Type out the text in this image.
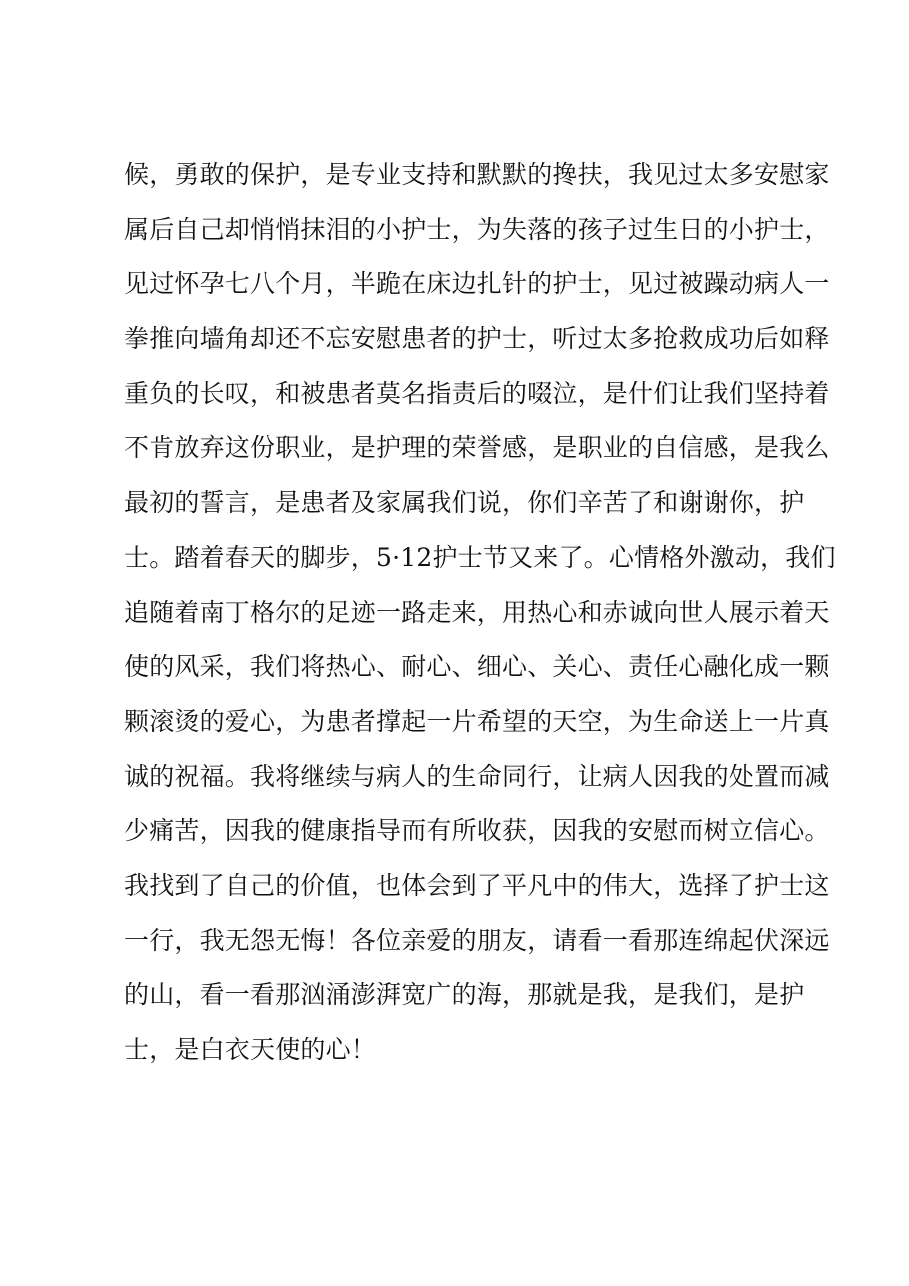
候，勇敢的保护，是专业支持和默默的搀扶，我见过太多安慰家

属后自己却悄悄抹泪的小护士，为失落的孩子过生日的小护士，

见过怀孕七八个月，半跪在床边扎针的护士，见过被躁动病人一

拳推向墙角却还不忘安慰患者的护士，听过太多抢救成功后如释

重负的长叹，和被患者莫名指责后的啜泣，是什们让我们坚持着

不肯放弃这份职业，是护理的荣誉感，是职业的自信感，是我么

最初的誓言，是患者及家属我们说，你们辛苦了和谢谢你，护

士。踏着春天的脚步，5·12护士节又来了。心情格外激动，我们

追随着南丁格尔的足迹一路走来，用热心和赤诚向世人展示着天

使的风采，我们将热心、耐心、细心、关心、责任心融化成一颗

颗滚烫的爱心，为患者撑起一片希望的天空，为生命送上一片真

诚的祝福。我将继续与病人的生命同行，让病人因我的处置而减

少痛苦，因我的健康指导而有所收获，因我的安慰而树立信心。

我找到了自己的价值，也体会到了平凡中的伟大，选择了护士这

一行，我无怨无悔！各位亲爱的朋友，请看一看那连绵起伏深远

的山，看一看那汹涌澎湃宽广的海，那就是我，是我们，是护

士，是白衣天使的心！
